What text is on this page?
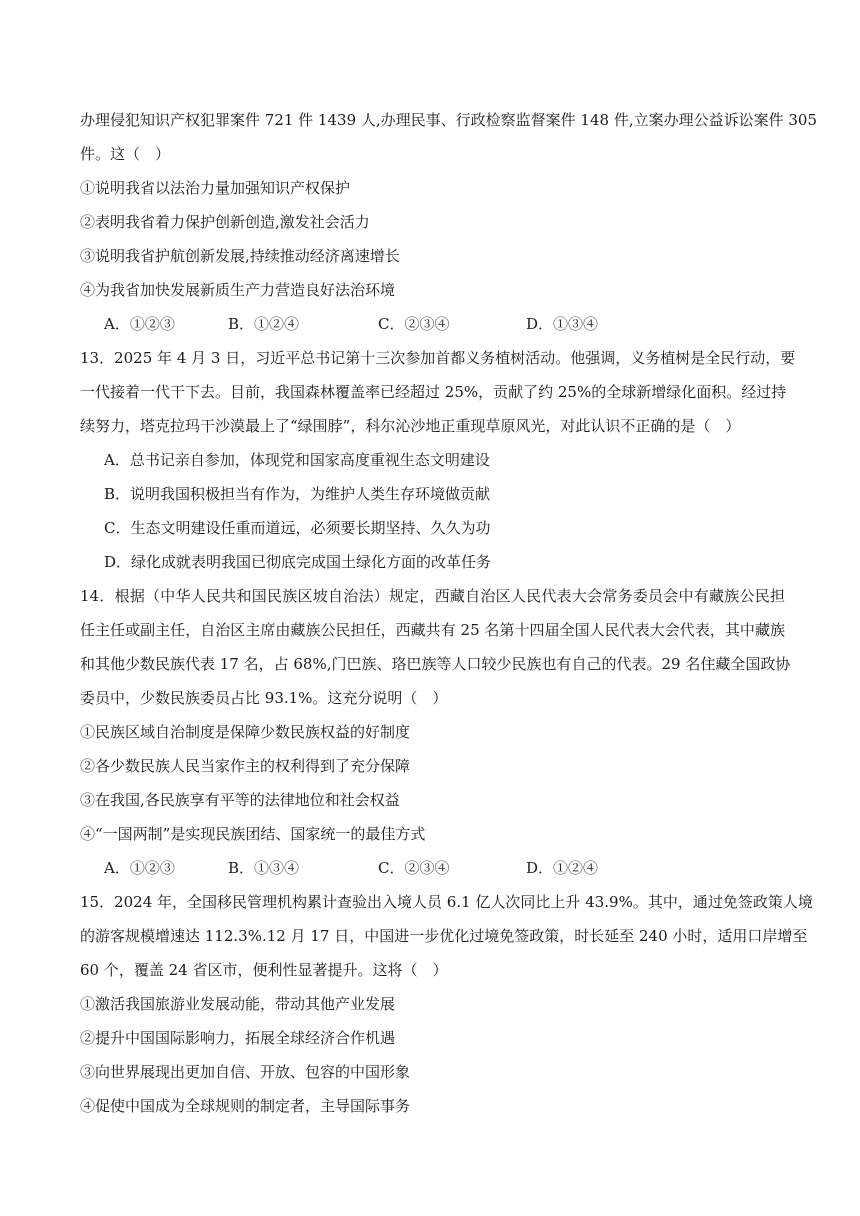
办理侵犯知识产权犯罪案件 721 件 1439 人,办理民事、行政检察监督案件 148 件,立案办理公益诉讼案件 305
件。这（　）
①说明我省以法治力量加强知识产权保护
②表明我省着力保护创新创造,激发社会活力
③说明我省护航创新发展,持续推动经济离速增长
④为我省加快发展新质生产力营造良好法治环境
A．①②③	B．①②④	C．②③④	D．①③④
13．2025 年 4 月 3 日，习近平总书记第十三次参加首都义务植树活动。他强调，义务植树是全民行动，要
一代接着一代干下去。目前，我国森林覆盖率已经超过 25%，贡献了约 25%的全球新增绿化面积。经过持
续努力，塔克拉玛干沙漠最上了“绿围脖”，科尔沁沙地正重现草原风光，对此认识不正确的是（　）
A．总书记亲自参加，体现党和国家高度重视生态文明建设
B．说明我国积极担当有作为，为维护人类生存环境做贡献
C．生态文明建设任重而道远，必须要长期坚持、久久为功
D．绿化成就表明我国已彻底完成国土绿化方面的改革任务
14．根据（中华人民共和国民族区坡自治法）规定，西藏自治区人民代表大会常务委员会中有藏族公民担
任主任或副主任，自治区主席由藏族公民担任，西藏共有 25 名第十四届全国人民代表大会代表，其中藏族
和其他少数民族代表 17 名，占 68%,门巴族、珞巴族等人口较少民族也有自己的代表。29 名住藏全国政协
委员中，少数民族委员占比 93.1%。这充分说明（　）
①民族区域自治制度是保障少数民族权益的好制度
②各少数民族人民当家作主的权利得到了充分保障
③在我国,各民族享有平等的法律地位和社会权益
④“一国两制”是实现民族团结、国家统一的最佳方式
A．①②③	B．①③④	C．②③④	D．①②④
15．2024 年，全国移民管理机构累计查验出入境人员 6.1 亿人次同比上升 43.9%。其中，通过免签政策人境
的游客规模增速达 112.3%.12 月 17 日，中国进一步优化过境免签政策，时长延至 240 小时，适用口岸增至
60 个，覆盖 24 省区市，便利性显著提升。这将（　）
①激活我国旅游业发展动能，带动其他产业发展
②提升中国国际影响力，拓展全球经济合作机遇
③向世界展现出更加自信、开放、包容的中国形象
④促使中国成为全球规则的制定者，主导国际事务
